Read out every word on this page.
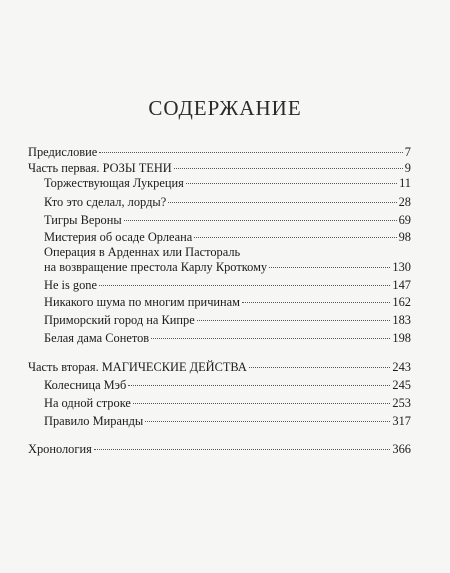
СОДЕРЖАНИЕ
Предисловие	7
Часть первая. РОЗЫ ТЕНИ	9
Торжествующая Лукреция	11
Кто это сделал, лорды?	28
Тигры Вероны	69
Мистерия об осаде Орлеана	98
Операция в Арденнах или Пастораль
на возвращение престола Карлу Кроткому	130
He is gone	147
Никакого шума по многим причинам	162
Приморский город на Кипре	183
Белая дама Сонетов	198
Часть вторая. МАГИЧЕСКИЕ ДЕЙСТВА	243
Колесница Мэб	245
На одной строке	253
Правило Миранды	317
Хронология	366
